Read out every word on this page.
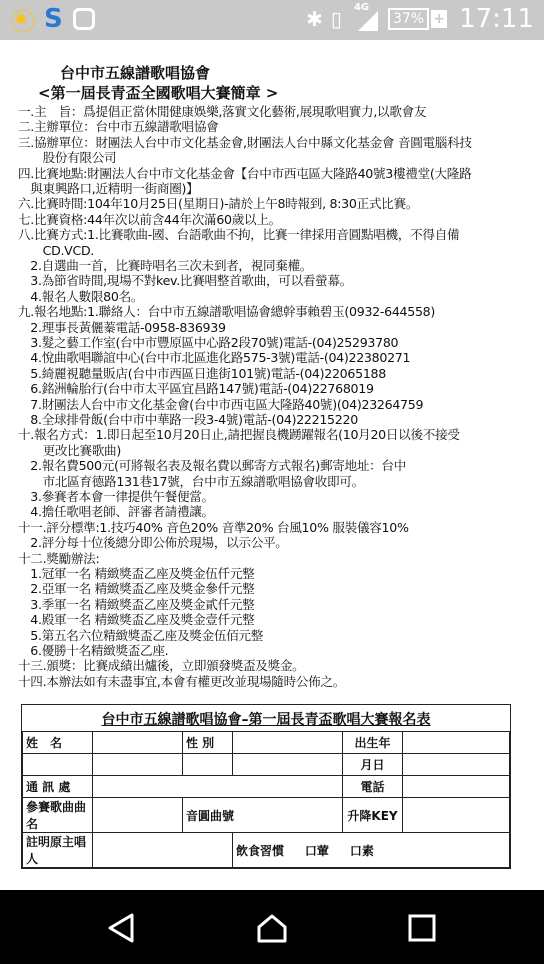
S	✱ ▯ 4G
37% + 17:11
台中市五線譜歌唱協會
<第一屆長青盃全國歌唱大賽簡章 >
一.主　旨：爲提倡正當休閒健康娛樂,落實文化藝術,展現歌唱實力,以歌會友
二.主辦單位：台中市五線譜歌唱協會
三.協辦單位：財團法人台中市文化基金會,財團法人台中縣文化基金會 音圓電腦科技
　　股份有限公司
四.比賽地點:財團法人台中市文化基金會【台中市西屯區大隆路40號3樓禮堂(大隆路
　與東興路口,近精明一街商圈)】
六.比賽時間:104年10月25日(星期日)-請於上午8時報到, 8:30正式比賽。
七.比賽資格:44年次以前含44年次滿60歲以上。
八.比賽方式:1.比賽歌曲-國、台語歌曲不拘，比賽一律採用音圓點唱機，不得自備
　　CD.VCD.
　2.自選曲一首，比賽時唱名三次未到者，視同棄權。
　3.為節省時間,現場不對kev.比賽唱整首歌曲，可以看螢幕。
　4.報名人數限80名。
九.報名地點:1.聯絡人：台中市五線譜歌唱協會總幹事賴碧玉(0932-644558)
　2.理事長黃儷蓁電話-0958-836939
　3.髮之藝工作室(台中市豐原區中心路2段70號)電話-(04)25293780
　4.悅曲歌唱聯誼中心(台中市北區進化路575-3號)電話-(04)22380271
　5.綺麗視聽量販店(台中市西區日進街101號)電話-(04)22065188
　6.銘洲輪胎行(台中市太平區宜昌路147號)電話-(04)22768019
　7.財團法人台中市文化基金會(台中市西屯區大隆路40號)(04)23264759
　8.全球排骨飯(台中市中華路一段3-4號)電話-(04)22215220
十.報名方式：1.即日起至10月20日止,請把握良機踴躍報名(10月20日以後不接受
　　更改比賽歌曲)
　2.報名費500元(可將報名表及報名費以郵寄方式報名)郵寄地址：台中
　　市北區育德路131巷17號，台中市五線譜歌唱協會收即可。
　3.參賽者本會一律提供午餐便當。
　4.擔任歌唱老師、評審者請禮讓。
十一.評分標準:1.技巧40% 音色20% 音準20% 台風10% 服裝儀容10%
　2.評分每十位後總分即公佈於現場，以示公平。
十二.獎勵辦法:
　1.冠軍一名 精緻獎盃乙座及獎金伍仟元整
　2.亞軍一名 精緻獎盃乙座及獎金參仟元整
　3.季軍一名 精緻獎盃乙座及獎金貳仟元整
　4.殿軍一名 精緻獎盃乙座及獎金壹仟元整
　5.第五名六位精緻獎盃乙座及獎金伍佰元整
　6.優勝十名精緻獎盃乙座.
十三.頒獎：比賽成績出爐後，立即頒發獎盃及獎金。
十四.本辦法如有未盡事宜,本會有權更改並現場隨時公佈之。
台中市五線譜歌唱協會–第一屆長青盃歌唱大賽報名表
姓　名		性 別		出生年	
				月日	
通 訊 處				電話	
參賽歌曲曲名		音圓曲號		升降KEY	
註明原主唱人			飲食習慣 口葷 口素		
